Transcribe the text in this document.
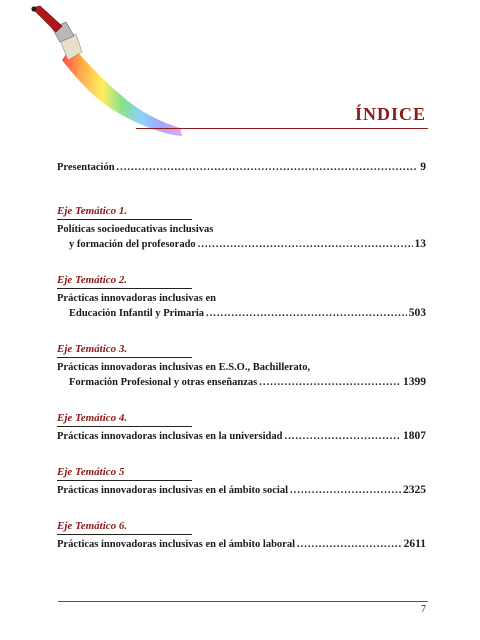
ÍNDICE
Presentación .....	9
Eje Temático 1.
Políticas socioeducativas inclusivas
y formación del profesorado .....	13
Eje Temático 2.
Prácticas innovadoras inclusivas en
Educación Infantil y Primaria .....	503
Eje Temático 3.
Prácticas innovadoras inclusivas en E.S.O., Bachillerato,
Formación Profesional y otras enseñanzas .....	1399
Eje Temático 4.
Prácticas innovadoras inclusivas en la universidad .....	1807
Eje Temático 5
Prácticas innovadoras inclusivas en el ámbito social .....	2325
Eje Temático 6.
Prácticas innovadoras inclusivas en el ámbito laboral .....	2611
7
